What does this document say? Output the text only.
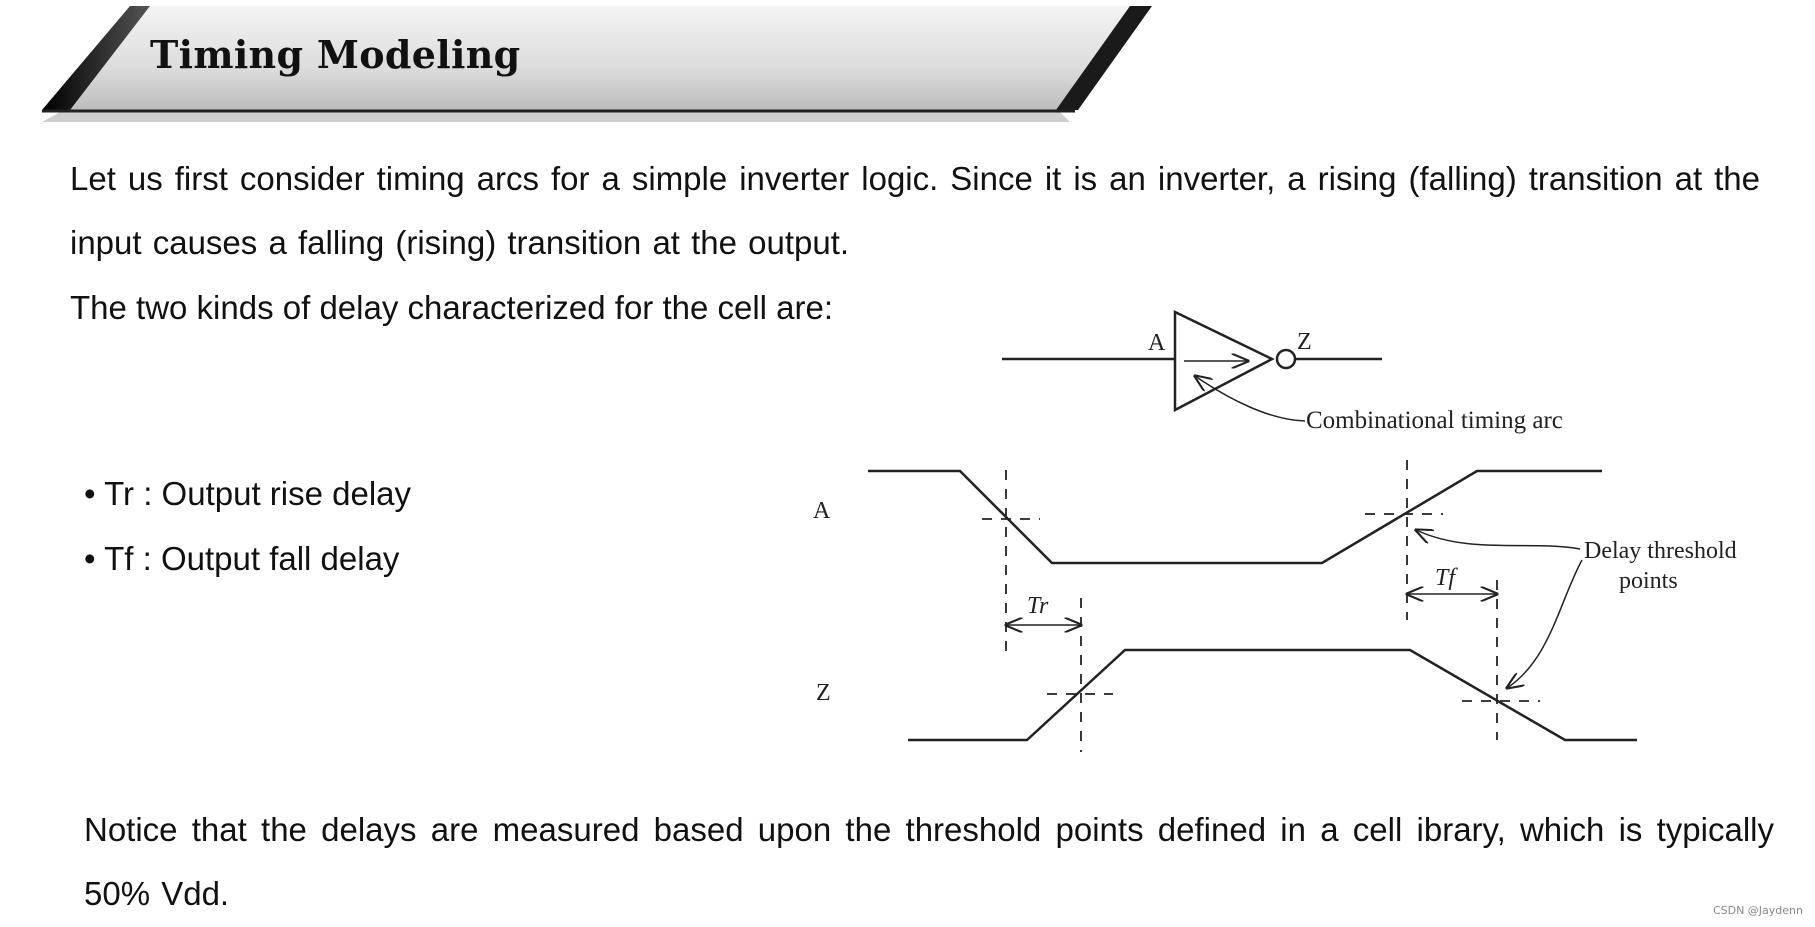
Timing Modeling
Let us first consider timing arcs for a simple inverter logic. Since it is an inverter, a rising (falling) transition at the input causes a falling (rising) transition at the output.
The two kinds of delay characterized for the cell are:
• Tr : Output rise delay
• Tf : Output fall delay
A	Z
Combinational timing arc
A
Z
Tr
Tf
Delay threshold
points
Notice that the delays are measured based upon the threshold points defined in a cell ibrary, which is typically 50% Vdd.	CSDN @Jaydenn
